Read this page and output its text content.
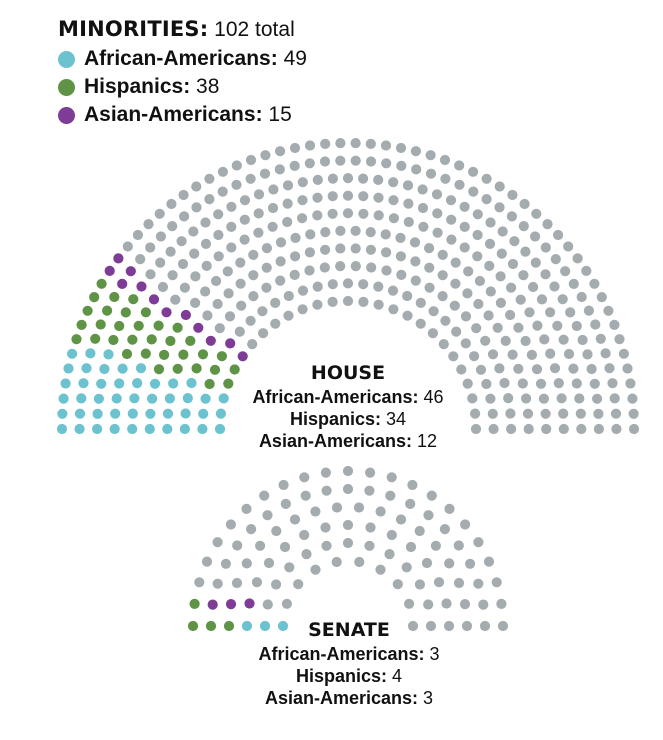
MINORITIES: 102 total
African-Americans:
49
Hispanics:
38
Asian-Americans:
15
HOUSE
African-Americans: 46
Hispanics: 34
Asian-Americans: 12
SENATE
African-Americans: 3
Hispanics: 4
Asian-Americans: 3
